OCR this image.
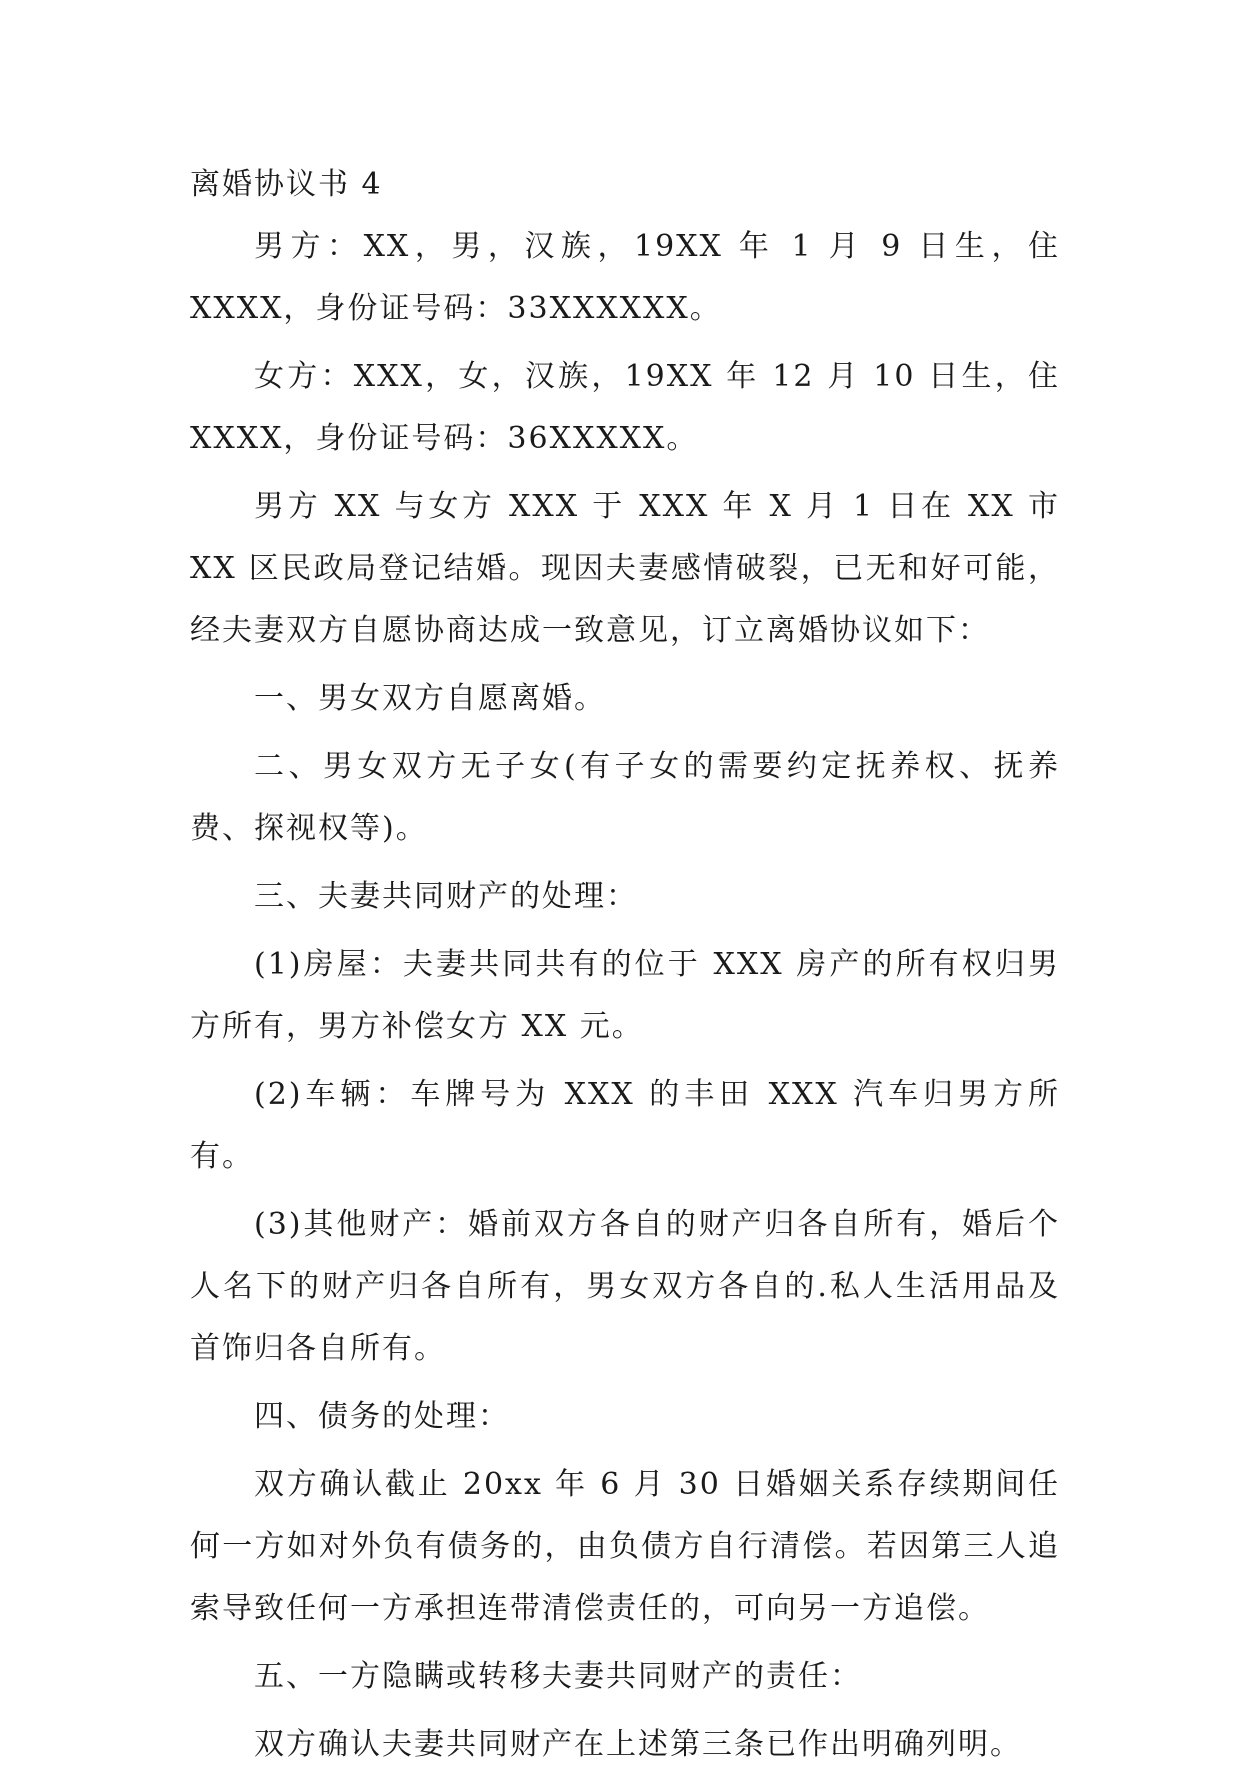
离婚协议书 4

男方：XX，男，汉族，19XX 年 1 月 9 日生，住 XXXX，身份证号码：33XXXXXX。

女方：XXX，女，汉族，19XX 年 12 月 10 日生，住 XXXX，身份证号码：36XXXXX。

男方 XX 与女方 XXX 于 XXX 年 X 月 1 日在 XX 市 XX 区民政局登记结婚。现因夫妻感情破裂，已无和好可能，经夫妻双方自愿协商达成一致意见，订立离婚协议如下：

一、男女双方自愿离婚。

二、男女双方无子女(有子女的需要约定抚养权、抚养费、探视权等)。

三、夫妻共同财产的处理：

(1)房屋：夫妻共同共有的位于 XXX 房产的所有权归男方所有，男方补偿女方 XX 元。

(2)车辆：车牌号为 XXX 的丰田 XXX 汽车归男方所有。

(3)其他财产：婚前双方各自的财产归各自所有，婚后个人名下的财产归各自所有，男女双方各自的.私人生活用品及首饰归各自所有。

四、债务的处理：

双方确认截止 20xx 年 6 月 30 日婚姻关系存续期间任何一方如对外负有债务的，由负债方自行清偿。若因第三人追索导致任何一方承担连带清偿责任的，可向另一方追偿。

五、一方隐瞒或转移夫妻共同财产的责任：

双方确认夫妻共同财产在上述第三条已作出明确列明。
